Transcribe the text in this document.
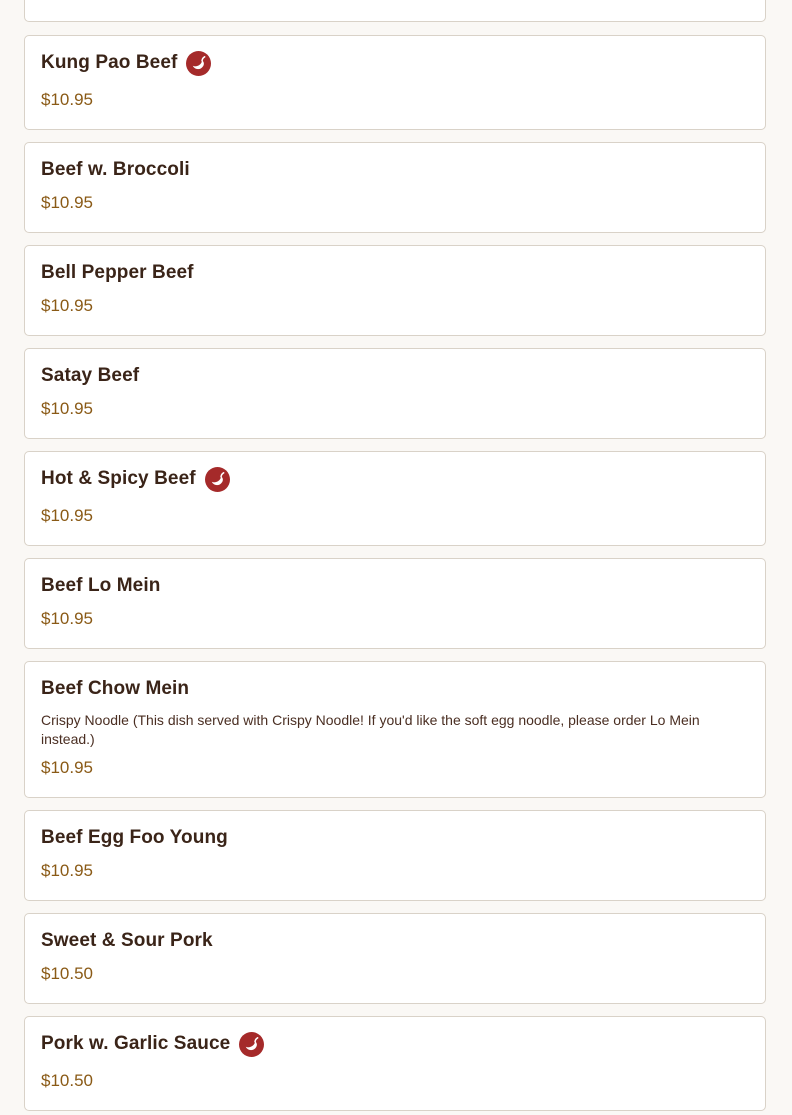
Kung Pao Beef
$10.95
Beef w. Broccoli
$10.95
Bell Pepper Beef
$10.95
Satay Beef
$10.95
Hot & Spicy Beef
$10.95
Beef Lo Mein
$10.95
Beef Chow Mein
Crispy Noodle (This dish served with Crispy Noodle! If you'd like the soft egg noodle, please order Lo Mein instead.)
$10.95
Beef Egg Foo Young
$10.95
Sweet & Sour Pork
$10.50
Pork w. Garlic Sauce
$10.50
